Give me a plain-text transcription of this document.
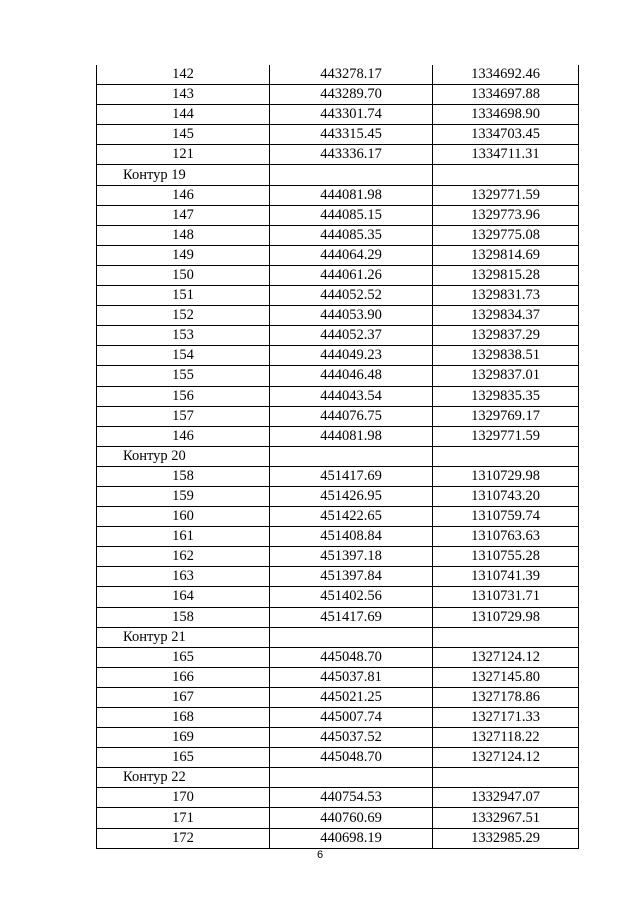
142	443278.17	1334692.46
143	443289.70	1334697.88
144	443301.74	1334698.90
145	443315.45	1334703.45
121	443336.17	1334711.31
Контур 19		
146	444081.98	1329771.59
147	444085.15	1329773.96
148	444085.35	1329775.08
149	444064.29	1329814.69
150	444061.26	1329815.28
151	444052.52	1329831.73
152	444053.90	1329834.37
153	444052.37	1329837.29
154	444049.23	1329838.51
155	444046.48	1329837.01
156	444043.54	1329835.35
157	444076.75	1329769.17
146	444081.98	1329771.59
Контур 20		
158	451417.69	1310729.98
159	451426.95	1310743.20
160	451422.65	1310759.74
161	451408.84	1310763.63
162	451397.18	1310755.28
163	451397.84	1310741.39
164	451402.56	1310731.71
158	451417.69	1310729.98
Контур 21		
165	445048.70	1327124.12
166	445037.81	1327145.80
167	445021.25	1327178.86
168	445007.74	1327171.33
169	445037.52	1327118.22
165	445048.70	1327124.12
Контур 22		
170	440754.53	1332947.07
171	440760.69	1332967.51
172	440698.19	1332985.29
6
